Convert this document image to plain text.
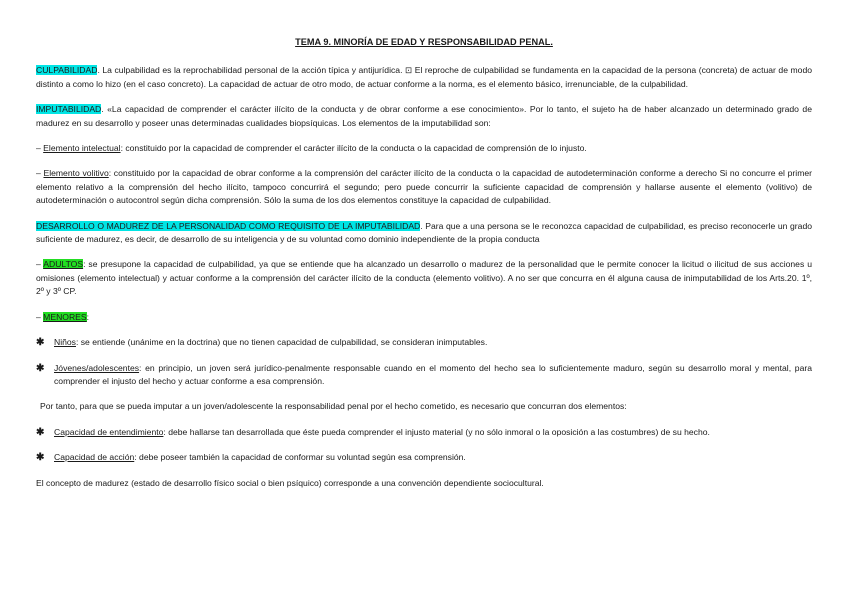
TEMA 9. MINORÍA DE EDAD Y RESPONSABILIDAD PENAL.

CULPABILIDAD. La culpabilidad es la reprochabilidad personal de la acción típica y antijurídica. ⊡ El reproche de culpabilidad se fundamenta en la capacidad de la persona (concreta) de actuar de modo distinto a como lo hizo (en el caso concreto). La capacidad de actuar de otro modo, de actuar conforme a la norma, es el elemento básico, irrenunciable, de la culpabilidad.

IMPUTABILIDAD. «La capacidad de comprender el carácter ilícito de la conducta y de obrar conforme a ese conocimiento». Por lo tanto, el sujeto ha de haber alcanzado un determinado grado de madurez en su desarrollo y poseer unas determinadas cualidades biopsíquicas. Los elementos de la imputabilidad son:

– Elemento intelectual: constituido por la capacidad de comprender el carácter ilícito de la conducta o la capacidad de comprensión de lo injusto.

– Elemento volitivo: constituido por la capacidad de obrar conforme a la comprensión del carácter ilícito de la conducta o la capacidad de autodeterminación conforme a derecho Si no concurre el primer elemento relativo a la comprensión del hecho ilícito, tampoco concurrirá el segundo; pero puede concurrir la suficiente capacidad de comprensión y hallarse ausente el elemento (volitivo) de autodeterminación o autocontrol según dicha comprensión. Sólo la suma de los dos elementos constituye la capacidad de culpabilidad.

DESARROLLO O MADUREZ DE LA PERSONALIDAD COMO REQUISITO DE LA IMPUTABILIDAD. Para que a una persona se le reconozca capacidad de culpabilidad, es preciso reconocerle un grado suficiente de madurez, es decir, de desarrollo de su inteligencia y de su voluntad como dominio independiente de la propia conducta

– ADULTOS: se presupone la capacidad de culpabilidad, ya que se entiende que ha alcanzado un desarrollo o madurez de la personalidad que le permite conocer la licitud o ilicitud de sus acciones u omisiones (elemento intelectual) y actuar conforme a la comprensión del carácter ilícito de la conducta (elemento volitivo). A no ser que concurra en él alguna causa de inimputabilidad de los Arts.20. 1º, 2º y 3º CP.

– MENORES:

✱	Niños: se entiende (unánime en la doctrina) que no tienen capacidad de culpabilidad, se consideran inimputables.
✱	Jóvenes/adolescentes: en principio, un joven será jurídico-penalmente responsable cuando en el momento del hecho sea lo suficientemente maduro, según su desarrollo moral y mental, para comprender el injusto del hecho y actuar conforme a esa comprensión.

Por tanto, para que se pueda imputar a un joven/adolescente la responsabilidad penal por el hecho cometido, es necesario que concurran dos elementos:

✱	Capacidad de entendimiento: debe hallarse tan desarrollada que éste pueda comprender el injusto material (y no sólo inmoral o la oposición a las costumbres) de su hecho.
✱	Capacidad de acción: debe poseer también la capacidad de conformar su voluntad según esa comprensión.

El concepto de madurez (estado de desarrollo físico social o bien psíquico) corresponde a una convención dependiente sociocultural.
